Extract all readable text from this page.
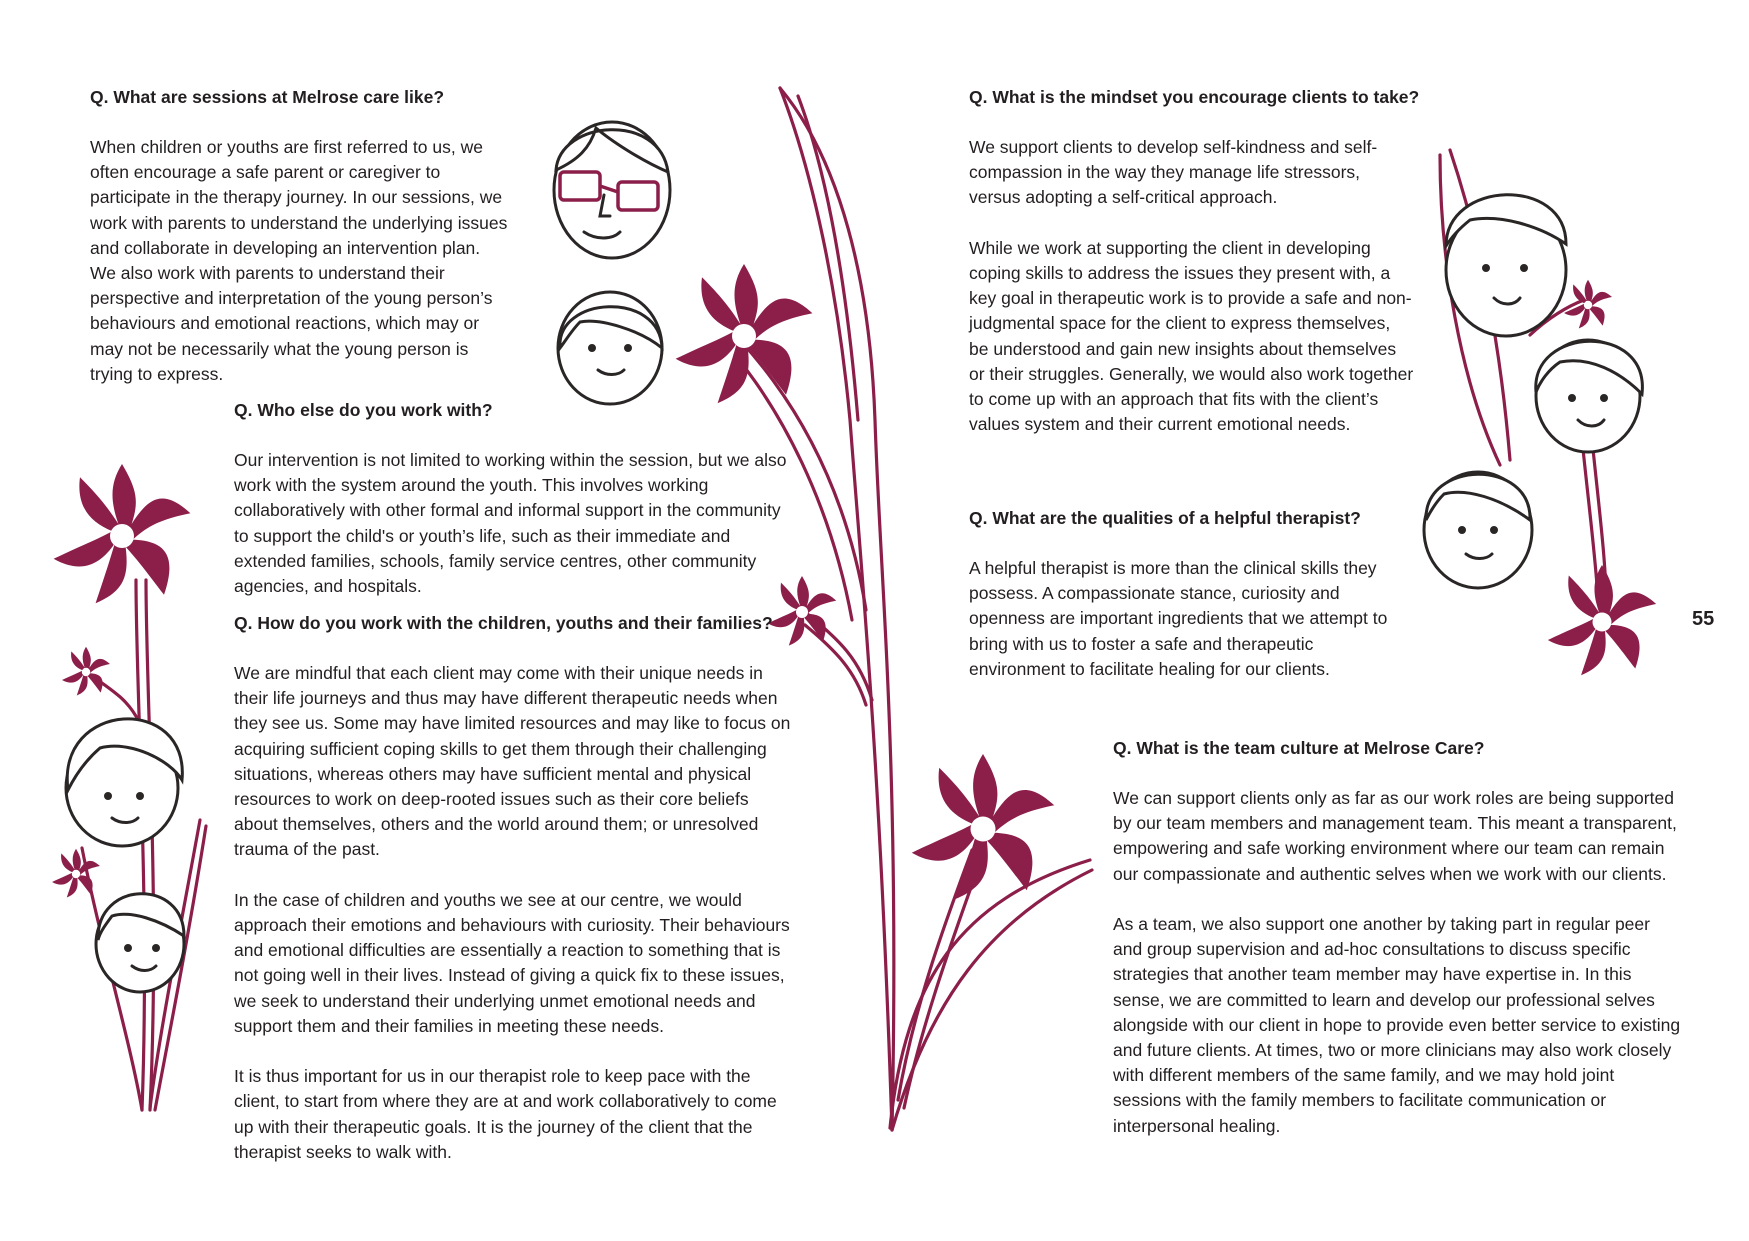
Q. What are sessions at Melrose care like?

When children or youths are first referred to us, we often encourage a safe parent or caregiver to participate in the therapy journey. In our sessions, we work with parents to understand the underlying issues and collaborate in developing an intervention plan. We also work with parents to understand their perspective and interpretation of the young person’s behaviours and emotional reactions, which may or may not be necessarily what the young person is trying to express.

Q. Who else do you work with?

Our intervention is not limited to working within the session, but we also work with the system around the youth. This involves working collaboratively with other formal and informal support in the community to support the child's or youth’s life, such as their immediate and extended families, schools, family service centres, other community agencies, and hospitals.

Q. How do you work with the children, youths and their families?

We are mindful that each client may come with their unique needs in their life journeys and thus may have different therapeutic needs when they see us. Some may have limited resources and may like to focus on acquiring sufficient coping skills to get them through their challenging situations, whereas others may have sufficient mental and physical resources to work on deep-rooted issues such as their core beliefs about themselves, others and the world around them; or unresolved trauma of the past.

In the case of children and youths we see at our centre, we would approach their emotions and behaviours with curiosity. Their behaviours and emotional difficulties are essentially a reaction to something that is not going well in their lives. Instead of giving a quick fix to these issues, we seek to understand their underlying unmet emotional needs and support them and their families in meeting these needs.

It is thus important for us in our therapist role to keep pace with the client, to start from where they are at and work collaboratively to come up with their therapeutic goals. It is the journey of the client that the therapist seeks to walk with.

Q. What is the mindset you encourage clients to take?

We support clients to develop self-kindness and self-compassion in the way they manage life stressors, versus adopting a self-critical approach.

While we work at supporting the client in developing coping skills to address the issues they present with, a key goal in therapeutic work is to provide a safe and non-judgmental space for the client to express themselves, be understood and gain new insights about themselves or their struggles. Generally, we would also work together to come up with an approach that fits with the client’s values system and their current emotional needs.

Q. What are the qualities of a helpful therapist?

A helpful therapist is more than the clinical skills they possess. A compassionate stance, curiosity and openness are important ingredients that we attempt to bring with us to foster a safe and therapeutic environment to facilitate healing for our clients.

Q. What is the team culture at Melrose Care?

We can support clients only as far as our work roles are being supported by our team members and management team. This meant a transparent, empowering and safe working environment where our team can remain our compassionate and authentic selves when we work with our clients.

As a team, we also support one another by taking part in regular peer and group supervision and ad-hoc consultations to discuss specific strategies that another team member may have expertise in. In this sense, we are committed to learn and develop our professional selves alongside with our client in hope to provide even better service to existing and future clients. At times, two or more clinicians may also work closely with different members of the same family, and we may hold joint sessions with the family members to facilitate communication or interpersonal healing.

55
